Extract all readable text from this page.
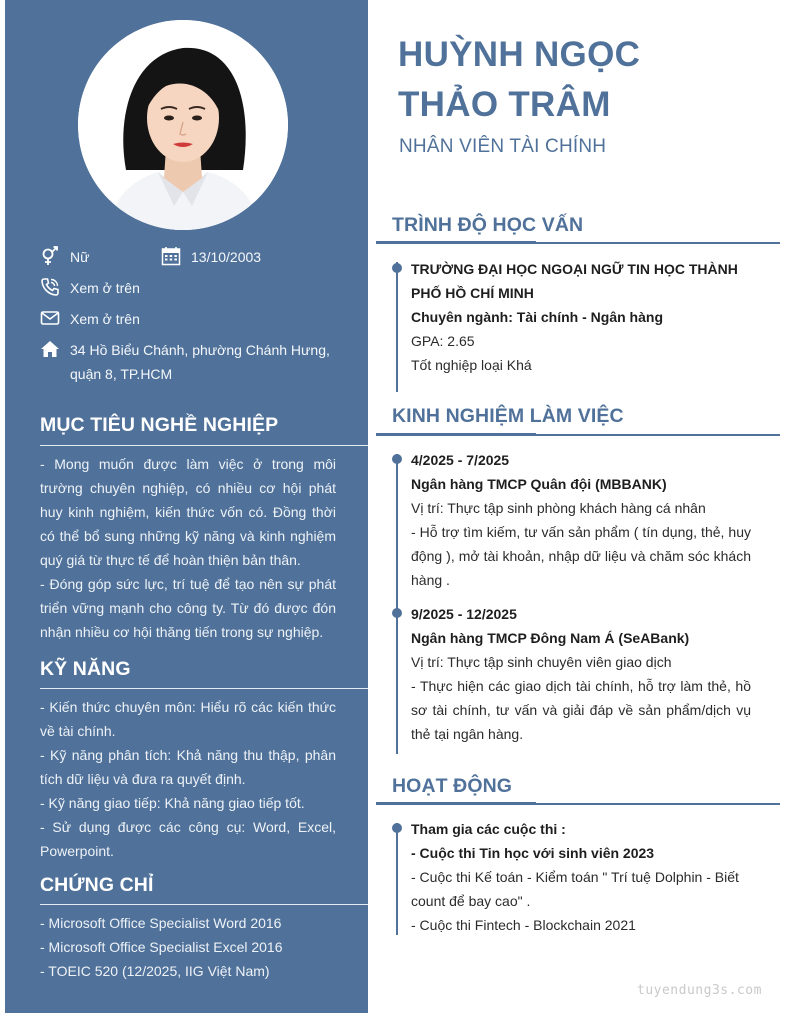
Nữ	13/10/2003
Xem ở trên
Xem ở trên
34 Hồ Biểu Chánh, phường Chánh Hưng, quận 8, TP.HCM
MỤC TIÊU NGHỀ NGHIỆP

- Mong muốn được làm việc ở trong môi trường chuyên nghiệp, có nhiều cơ hội phát huy kinh nghiệm, kiến thức vốn có. Đồng thời có thể bổ sung những kỹ năng và kinh nghiệm quý giá từ thực tế để hoàn thiện bản thân.

- Đóng góp sức lực, trí tuệ để tạo nên sự phát triển vững mạnh cho công ty. Từ đó được đón nhận nhiều cơ hội thăng tiến trong sự nghiệp.

KỸ NĂNG
- Kiến thức chuyên môn: Hiểu rõ các kiến thức về tài chính.
- Kỹ năng phân tích: Khả năng thu thập, phân tích dữ liệu và đưa ra quyết định.
- Kỹ năng giao tiếp: Khả năng giao tiếp tốt.
- Sử dụng được các công cụ: Word, Excel, Powerpoint.
CHỨNG CHỈ
- Microsoft Office Specialist Word 2016
- Microsoft Office Specialist Excel 2016
- TOEIC 520 (12/2025, IIG Việt Nam)
HUỲNH NGỌC
THẢO TRÂM
NHÂN VIÊN TÀI CHÍNH
TRÌNH ĐỘ HỌC VẤN
TRƯỜNG ĐẠI HỌC NGOẠI NGỮ TIN HỌC THÀNH PHỐ HỒ CHÍ MINH
Chuyên ngành: Tài chính - Ngân hàng
GPA: 2.65
Tốt nghiệp loại Khá
KINH NGHIỆM LÀM VIỆC
4/2025 - 7/2025
Ngân hàng TMCP Quân đội (MBBANK)
Vị trí: Thực tập sinh phòng khách hàng cá nhân
- Hỗ trợ tìm kiếm, tư vấn sản phẩm ( tín dụng, thẻ, huy động ), mở tài khoản, nhập dữ liệu và chăm sóc khách hàng .
9/2025 - 12/2025
Ngân hàng TMCP Đông Nam Á (SeABank)
Vị trí: Thực tập sinh chuyên viên giao dịch
- Thực hiện các giao dịch tài chính, hỗ trợ làm thẻ, hồ sơ tài chính, tư vấn và giải đáp về sản phẩm/dịch vụ thẻ tại ngân hàng.
HOẠT ĐỘNG
Tham gia các cuộc thi :
- Cuộc thi Tin học với sinh viên 2023
- Cuộc thi Kế toán - Kiểm toán " Trí tuệ Dolphin - Biết count để bay cao" .
- Cuộc thi Fintech - Blockchain 2021
tuyendung3s.com
